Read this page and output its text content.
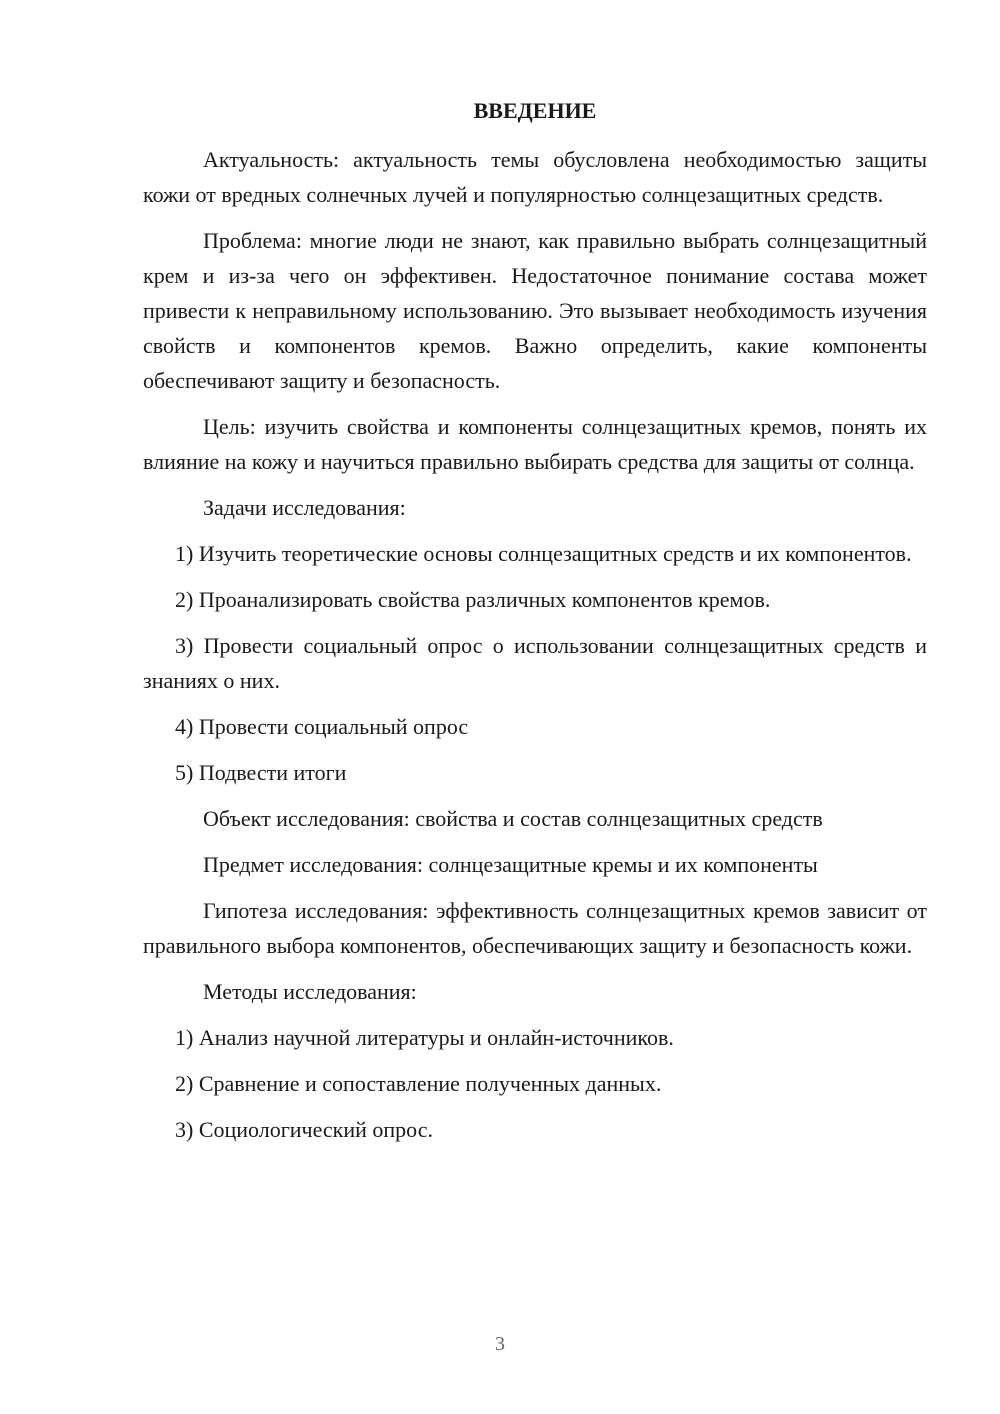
ВВЕДЕНИЕ

Актуальность: актуальность темы обусловлена необходимостью защиты кожи от вредных солнечных лучей и популярностью солнцезащитных средств.

Проблема: многие люди не знают, как правильно выбрать солнцезащитный крем и из-за чего он эффективен. Недостаточное понимание состава может привести к неправильному использованию. Это вызывает необходимость изучения свойств и компонентов кремов. Важно определить, какие компоненты обеспечивают защиту и безопасность.

Цель: изучить свойства и компоненты солнцезащитных кремов, понять их влияние на кожу и научиться правильно выбирать средства для защиты от солнца.

Задачи исследования:

1) Изучить теоретические основы солнцезащитных средств и их компонентов.

2) Проанализировать свойства различных компонентов кремов.

3) Провести социальный опрос о использовании солнцезащитных средств и знаниях о них.

4) Провести социальный опрос

5) Подвести итоги

Объект исследования: свойства и состав солнцезащитных средств

Предмет исследования: солнцезащитные кремы и их компоненты

Гипотеза исследования: эффективность солнцезащитных кремов зависит от правильного выбора компонентов, обеспечивающих защиту и безопасность кожи.

Методы исследования:

1) Анализ научной литературы и онлайн-источников.

2) Сравнение и сопоставление полученных данных.

3) Социологический опрос.

3
